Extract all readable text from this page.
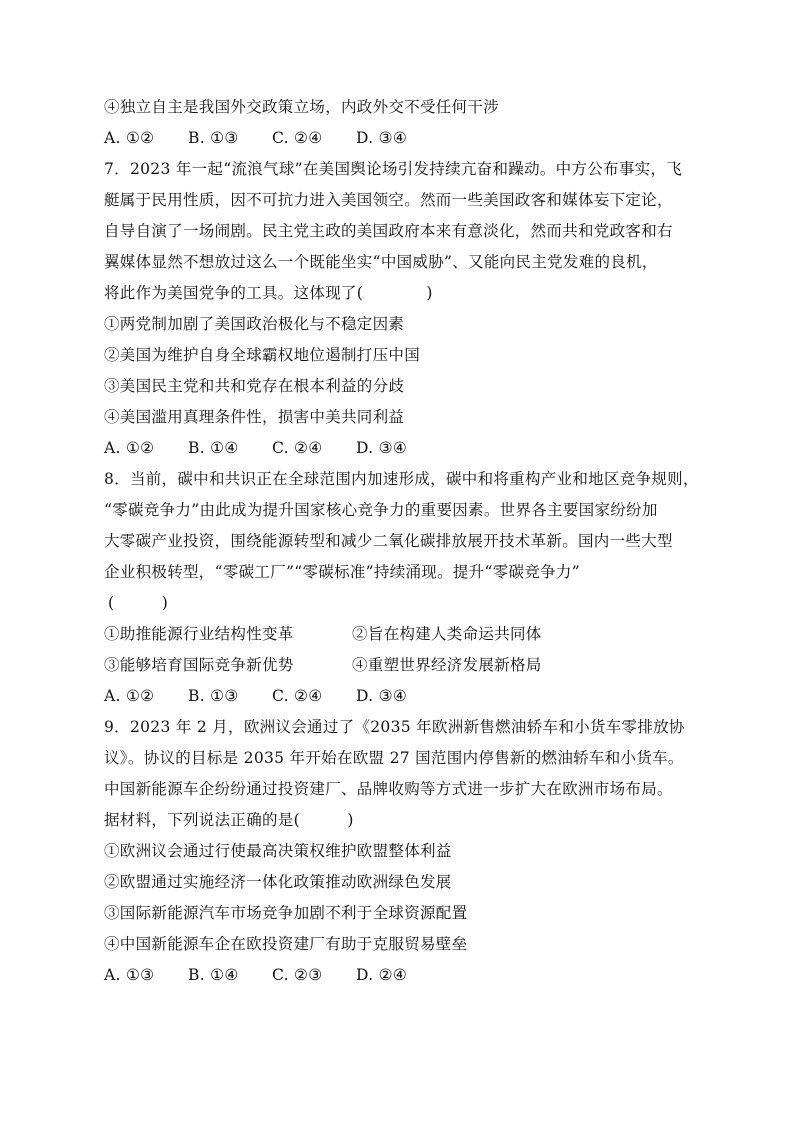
④独立自主是我国外交政策立场，内政外交不受任何干涉
A. ①②	B. ①③	C. ②④	D. ③④
7．2023 年一起“流浪气球”在美国舆论场引发持续亢奋和躁动。中方公布事实，飞
艇属于民用性质，因不可抗力进入美国领空。然而一些美国政客和媒体妄下定论，
自导自演了一场闹剧。民主党主政的美国政府本来有意淡化，然而共和党政客和右
翼媒体显然不想放过这么一个既能坐实“中国威胁”、又能向民主党发难的良机，
将此作为美国党争的工具。这体现了(　　　　)
①两党制加剧了美国政治极化与不稳定因素
②美国为维护自身全球霸权地位遏制打压中国
③美国民主党和共和党存在根本利益的分歧
④美国滥用真理条件性，损害中美共同利益
A. ①②	B. ①④	C. ②④	D. ③④
8．当前，碳中和共识正在全球范围内加速形成，碳中和将重构产业和地区竞争规则，
“零碳竞争力”由此成为提升国家核心竞争力的重要因素。世界各主要国家纷纷加
大零碳产业投资，围绕能源转型和减少二氧化碳排放展开技术革新。国内一些大型
企业积极转型，“零碳工厂”“零碳标准”持续涌现。提升“零碳竞争力”
(　　　)
①助推能源行业结构性变革	②旨在构建人类命运共同体
③能够培育国际竞争新优势	④重塑世界经济发展新格局
A. ①②	B. ①③	C. ②④	D. ③④
9．2023 年 2 月，欧洲议会通过了《2035 年欧洲新售燃油轿车和小货车零排放协
议》。协议的目标是 2035 年开始在欧盟 27 国范围内停售新的燃油轿车和小货车。
中国新能源车企纷纷通过投资建厂、品牌收购等方式进一步扩大在欧洲市场布局。
据材料，下列说法正确的是(　　　)
①欧洲议会通过行使最高决策权维护欧盟整体利益
②欧盟通过实施经济一体化政策推动欧洲绿色发展
③国际新能源汽车市场竞争加剧不利于全球资源配置
④中国新能源车企在欧投资建厂有助于克服贸易壁垒
A. ①③	B. ①④	C. ②③	D. ②④
